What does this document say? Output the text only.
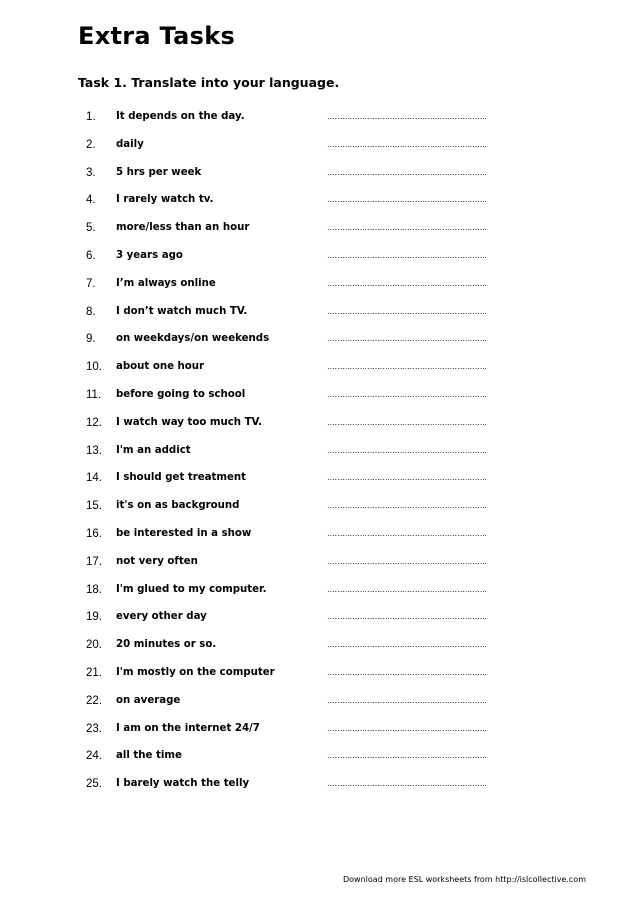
Extra Tasks
Task 1. Translate into your language.
1.	It depends on the day.	……………………………………………………….
2.	daily	……………………………………………………….
3.	5 hrs per week	……………………………………………………….
4.	I rarely watch tv.	……………………………………………………….
5.	more/less than an hour	……………………………………………………….
6.	3 years ago	……………………………………………………….
7.	I’m always online	……………………………………………………….
8.	I don’t watch much TV.	……………………………………………………….
9.	on weekdays/on weekends	……………………………………………………….
10.	about one hour	……………………………………………………….
11.	before going to school	……………………………………………………….
12.	I watch way too much TV.	……………………………………………………….
13.	I'm an addict	……………………………………………………….
14.	I should get treatment	……………………………………………………….
15.	it's on as background	……………………………………………………….
16.	be interested in a show	……………………………………………………….
17.	not very often	……………………………………………………….
18.	I'm glued to my computer.	……………………………………………………….
19.	every other day	……………………………………………………….
20.	20 minutes or so.	……………………………………………………….
21.	I'm mostly on the computer	……………………………………………………….
22.	on average	……………………………………………………….
23.	I am on the internet 24/7	……………………………………………………….
24.	all the time	……………………………………………………….
25.	I barely watch the telly	……………………………………………………….
Download more ESL worksheets from http://islcollective.com
